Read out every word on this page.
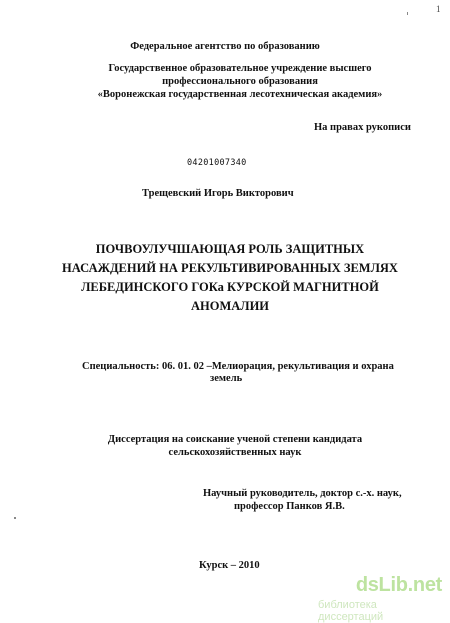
1
Федеральное агентство по образованию
Государственное образовательное учреждение высшего
профессионального образования
«Воронежская государственная лесотехническая академия»
На правах рукописи
04201007340
Трещевский Игорь Викторович
ПОЧВОУЛУЧШАЮЩАЯ РОЛЬ ЗАЩИТНЫХ
НАСАЖДЕНИЙ НА РЕКУЛЬТИВИРОВАННЫХ ЗЕМЛЯХ
ЛЕБЕДИНСКОГО ГОКа КУРСКОЙ МАГНИТНОЙ
АНОМАЛИИ
Специальность: 06. 01. 02 –Мелиорация, рекультивация и охрана
земель
Диссертация на соискание ученой степени кандидата
сельскохозяйственных наук
Научный руководитель, доктор с.-х. наук,
профессор Панков Я.В.
Курск – 2010
dsLib.net
библиотека диссертаций
